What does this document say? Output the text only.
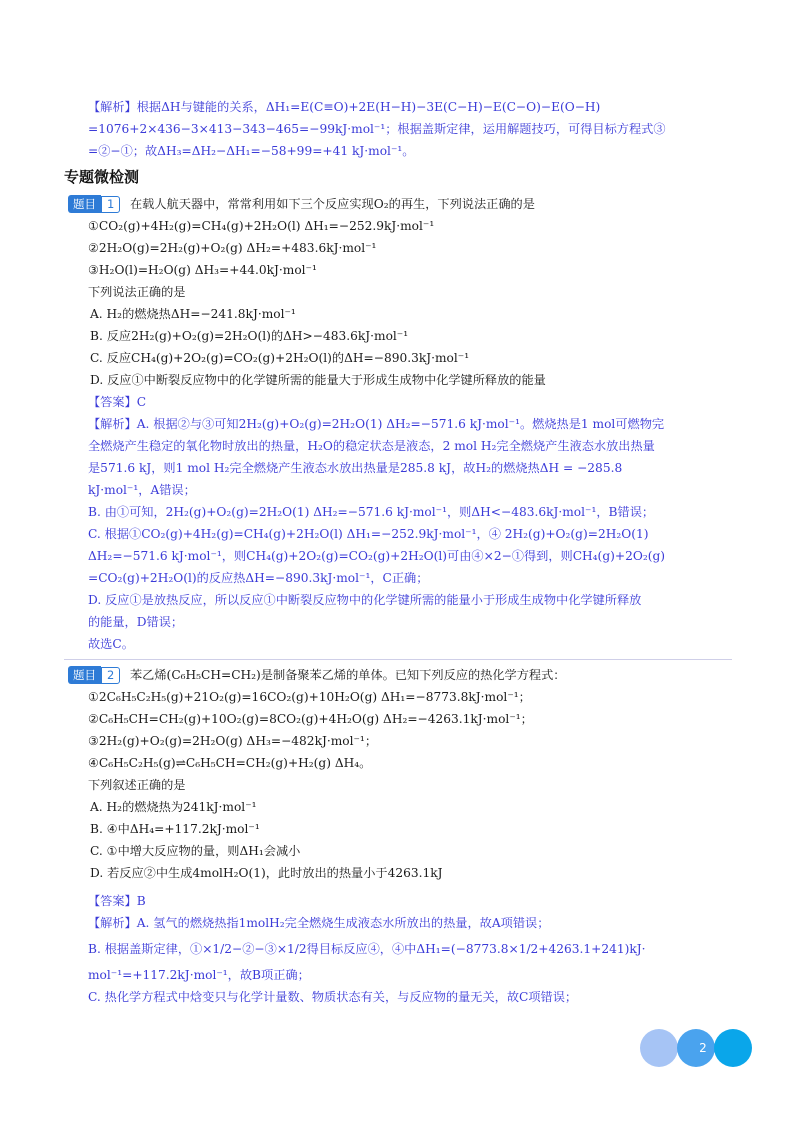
【解析】根据ΔH与键能的关系，ΔH₁=E(C≡O)+2E(H−H)−3E(C−H)−E(C−O)−E(O−H)
=1076+2×436−3×413−343−465=−99kJ·mol⁻¹；根据盖斯定律，运用解题技巧，可得目标方程式③
=②−①；故ΔH₃=ΔH₂−ΔH₁=−58+99=+41 kJ·mol⁻¹。
专题微检测
题目 1	在载人航天器中，常常利用如下三个反应实现O₂的再生，下列说法正确的是
①CO₂(g)+4H₂(g)=CH₄(g)+2H₂O(l) ΔH₁=−252.9kJ·mol⁻¹
②2H₂O(g)=2H₂(g)+O₂(g) ΔH₂=+483.6kJ·mol⁻¹
③H₂O(l)=H₂O(g) ΔH₃=+44.0kJ·mol⁻¹
下列说法正确的是
A. H₂的燃烧热ΔH=−241.8kJ·mol⁻¹
B. 反应2H₂(g)+O₂(g)=2H₂O(l)的ΔH>−483.6kJ·mol⁻¹
C. 反应CH₄(g)+2O₂(g)=CO₂(g)+2H₂O(l)的ΔH=−890.3kJ·mol⁻¹
D. 反应①中断裂反应物中的化学键所需的能量大于形成生成物中化学键所释放的能量
【答案】C
【解析】A. 根据②与③可知2H₂(g)+O₂(g)=2H₂O(1) ΔH₂=−571.6 kJ·mol⁻¹。燃烧热是1 mol可燃物完
全燃烧产生稳定的氧化物时放出的热量，H₂O的稳定状态是液态，2 mol H₂完全燃烧产生液态水放出热量
是571.6 kJ，则1 mol H₂完全燃烧产生液态水放出热量是285.8 kJ，故H₂的燃烧热ΔH = −285.8
kJ·mol⁻¹，A错误；
B. 由①可知，2H₂(g)+O₂(g)=2H₂O(1) ΔH₂=−571.6 kJ·mol⁻¹，则ΔH<−483.6kJ·mol⁻¹，B错误；
C. 根据①CO₂(g)+4H₂(g)=CH₄(g)+2H₂O(l) ΔH₁=−252.9kJ·mol⁻¹，④ 2H₂(g)+O₂(g)=2H₂O(1)
ΔH₂=−571.6 kJ·mol⁻¹，则CH₄(g)+2O₂(g)=CO₂(g)+2H₂O(l)可由④×2−①得到，则CH₄(g)+2O₂(g)
=CO₂(g)+2H₂O(l)的反应热ΔH=−890.3kJ·mol⁻¹，C正确；
D. 反应①是放热反应，所以反应①中断裂反应物中的化学键所需的能量小于形成生成物中化学键所释放
的能量，D错误；
故选C。
题目 2	苯乙烯(C₆H₅CH=CH₂)是制备聚苯乙烯的单体。已知下列反应的热化学方程式：
①2C₆H₅C₂H₅(g)+21O₂(g)=16CO₂(g)+10H₂O(g) ΔH₁=−8773.8kJ·mol⁻¹；
②C₆H₅CH=CH₂(g)+10O₂(g)=8CO₂(g)+4H₂O(g) ΔH₂=−4263.1kJ·mol⁻¹；
③2H₂(g)+O₂(g)=2H₂O(g) ΔH₃=−482kJ·mol⁻¹；
④C₆H₅C₂H₅(g)⇌C₆H₅CH=CH₂(g)+H₂(g) ΔH₄。
下列叙述正确的是
A. H₂的燃烧热为241kJ·mol⁻¹
B. ④中ΔH₄=+117.2kJ·mol⁻¹
C. ①中增大反应物的量，则ΔH₁会减小
D. 若反应②中生成4molH₂O(1)，此时放出的热量小于4263.1kJ
【答案】B
【解析】A. 氢气的燃烧热指1molH₂完全燃烧生成液态水所放出的热量，故A项错误；
B. 根据盖斯定律，①×1/2−②−③×1/2得目标反应④，④中ΔH₁=(−8773.8×1/2+4263.1+241)kJ·
mol⁻¹=+117.2kJ·mol⁻¹，故B项正确；
C. 热化学方程式中焓变只与化学计量数、物质状态有关，与反应物的量无关，故C项错误；
2
